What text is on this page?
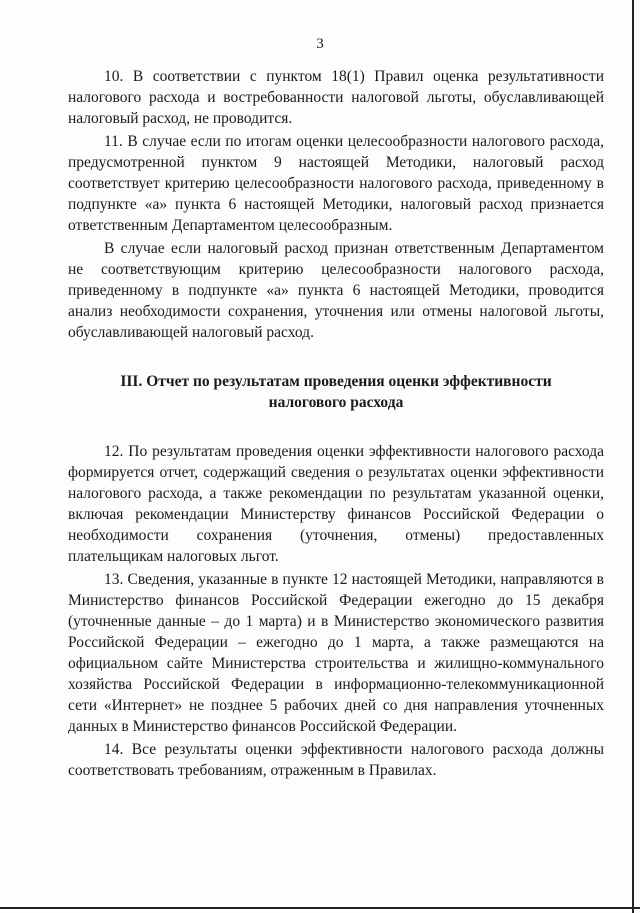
3

10. В соответствии с пунктом 18(1) Правил оценка результативности налогового расхода и востребованности налоговой льготы, обуславливающей налоговый расход, не проводится.

11. В случае если по итогам оценки целесообразности налогового расхода, предусмотренной пунктом 9 настоящей Методики, налоговый расход соответствует критерию целесообразности налогового расхода, приведенному в подпункте «а» пункта 6 настоящей Методики, налоговый расход признается ответственным Департаментом целесообразным.

В случае если налоговый расход признан ответственным Департаментом не соответствующим критерию целесообразности налогового расхода, приведенному в подпункте «а» пункта 6 настоящей Методики, проводится анализ необходимости сохранения, уточнения или отмены налоговой льготы, обуславливающей налоговый расход.

III. Отчет по результатам проведения оценки эффективности налогового расхода

12. По результатам проведения оценки эффективности налогового расхода формируется отчет, содержащий сведения о результатах оценки эффективности налогового расхода, а также рекомендации по результатам указанной оценки, включая рекомендации Министерству финансов Российской Федерации о необходимости сохранения (уточнения, отмены) предоставленных плательщикам налоговых льгот.

13. Сведения, указанные в пункте 12 настоящей Методики, направляются в Министерство финансов Российской Федерации ежегодно до 15 декабря (уточненные данные – до 1 марта) и в Министерство экономического развития Российской Федерации – ежегодно до 1 марта, а также размещаются на официальном сайте Министерства строительства и жилищно-коммунального хозяйства Российской Федерации в информационно-телекоммуникационной сети «Интернет» не позднее 5 рабочих дней со дня направления уточненных данных в Министерство финансов Российской Федерации.

14. Все результаты оценки эффективности налогового расхода должны соответствовать требованиям, отраженным в Правилах.
